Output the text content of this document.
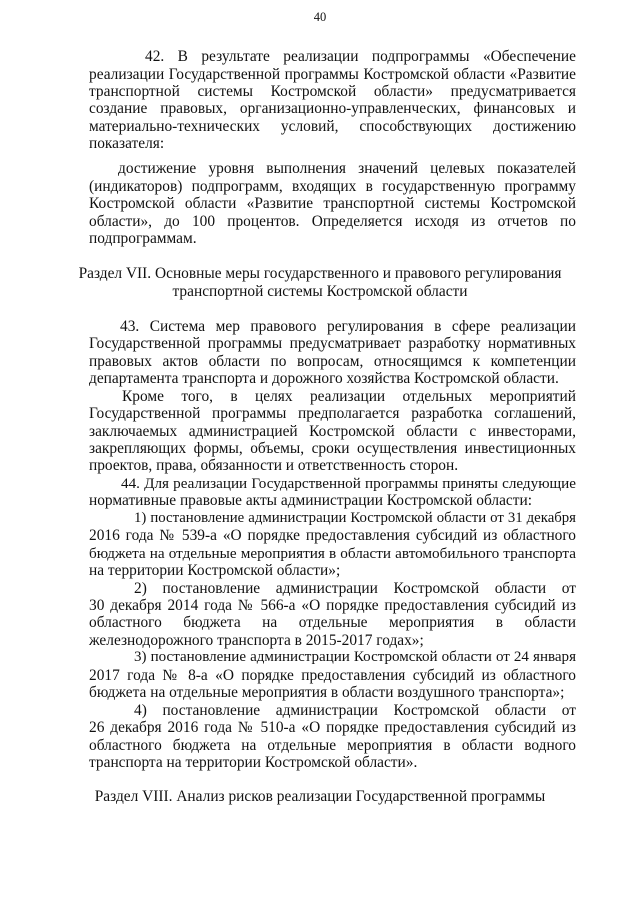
40
42. В результате реализации подпрограммы «Обеспечение
реализации Государственной программы Костромской области «Развитие
транспортной системы Костромской области» предусматривается
создание правовых, организационно-управленческих, финансовых и
материально-технических условий, способствующих достижению
показателя:
достижение уровня выполнения значений целевых показателей
(индикаторов) подпрограмм, входящих в государственную программу
Костромской области «Развитие транспортной системы Костромской
области», до 100 процентов. Определяется исходя из отчетов по
подпрограммам.
Раздел VII. Основные меры государственного и правового регулирования
транспортной системы Костромской области
43. Система мер правового регулирования в сфере реализации
Государственной программы предусматривает разработку нормативных
правовых актов области по вопросам, относящимся к компетенции
департамента транспорта и дорожного хозяйства Костромской области.
Кроме того, в целях реализации отдельных мероприятий
Государственной программы предполагается разработка соглашений,
заключаемых администрацией Костромской области с инвесторами,
закрепляющих формы, объемы, сроки осуществления инвестиционных
проектов, права, обязанности и ответственность сторон.
44. Для реализации Государственной программы приняты следующие
нормативные правовые акты администрации Костромской области:
1) постановление администрации Костромской области от 31 декабря
2016 года № 539-а «О порядке предоставления субсидий из областного
бюджета на отдельные мероприятия в области автомобильного транспорта
на территории Костромской области»;
2) постановление администрации Костромской области от
30 декабря 2014 года № 566-а «О порядке предоставления субсидий из
областного бюджета на отдельные мероприятия в области
железнодорожного транспорта в 2015-2017 годах»;
3) постановление администрации Костромской области от 24 января
2017 года № 8-а «О порядке предоставления субсидий из областного
бюджета на отдельные мероприятия в области воздушного транспорта»;
4) постановление администрации Костромской области от
26 декабря 2016 года № 510-а «О порядке предоставления субсидий из
областного бюджета на отдельные мероприятия в области водного
транспорта на территории Костромской области».
Раздел VIII. Анализ рисков реализации Государственной программы
